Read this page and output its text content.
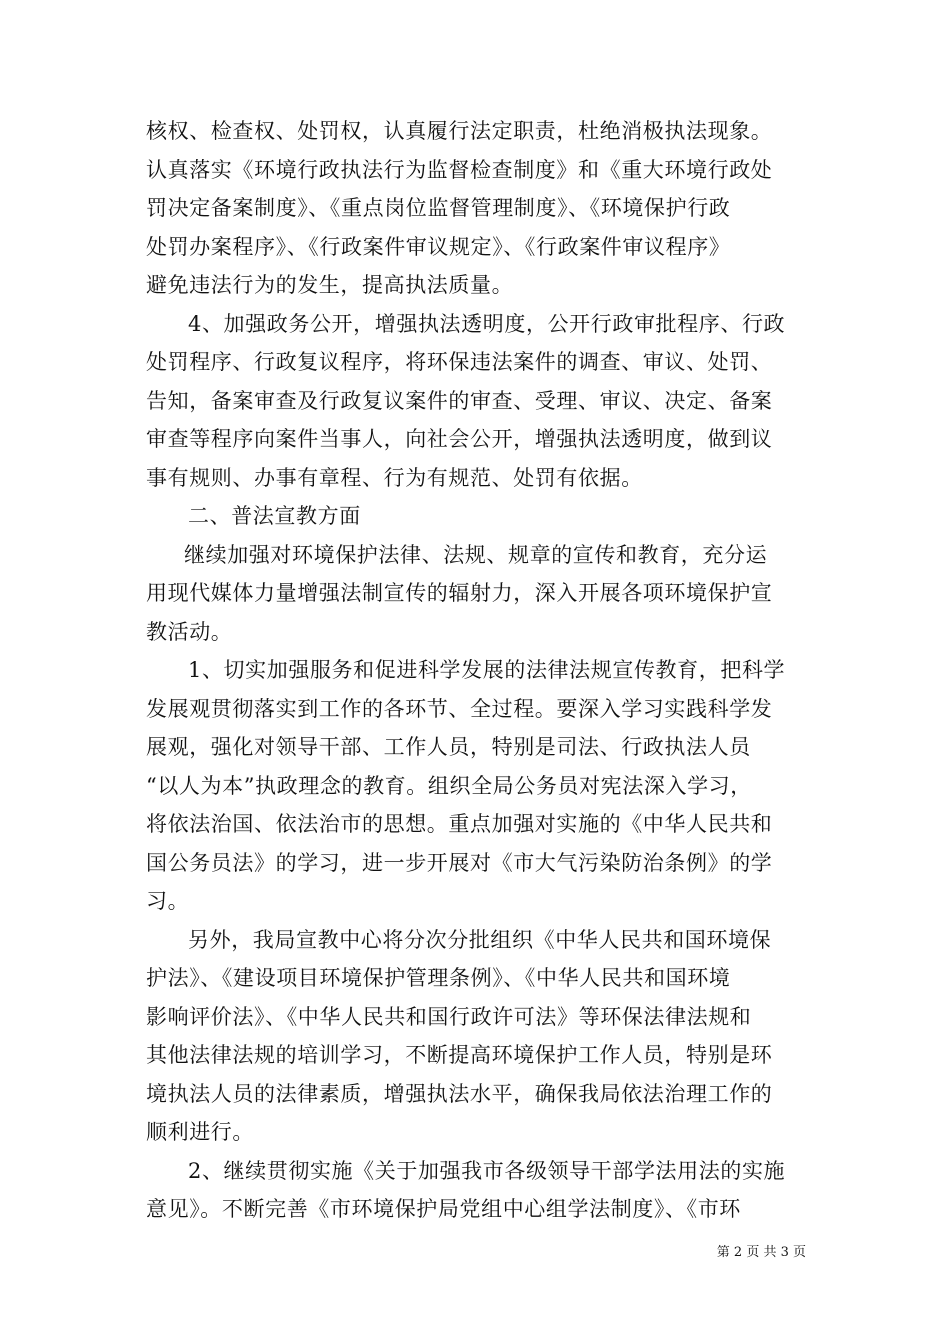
核权、检查权、处罚权，认真履行法定职责，杜绝消极执法现象。
认真落实《环境行政执法行为监督检查制度》和《重大环境行政处
罚决定备案制度》、《重点岗位监督管理制度》、《环境保护行政
处罚办案程序》、《行政案件审议规定》、《行政案件审议程序》
避免违法行为的发生，提高执法质量。
4、加强政务公开，增强执法透明度，公开行政审批程序、行政
处罚程序、行政复议程序，将环保违法案件的调查、审议、处罚、
告知，备案审查及行政复议案件的审查、受理、审议、决定、备案
审查等程序向案件当事人，向社会公开，增强执法透明度，做到议
事有规则、办事有章程、行为有规范、处罚有依据。
二、普法宣教方面
继续加强对环境保护法律、法规、规章的宣传和教育，充分运
用现代媒体力量增强法制宣传的辐射力，深入开展各项环境保护宣
教活动。
1、切实加强服务和促进科学发展的法律法规宣传教育，把科学
发展观贯彻落实到工作的各环节、全过程。要深入学习实践科学发
展观，强化对领导干部、工作人员，特别是司法、行政执法人员
“以人为本”执政理念的教育。组织全局公务员对宪法深入学习，
将依法治国、依法治市的思想。重点加强对实施的《中华人民共和
国公务员法》的学习，进一步开展对《市大气污染防治条例》的学
习。
另外，我局宣教中心将分次分批组织《中华人民共和国环境保
护法》、《建设项目环境保护管理条例》、《中华人民共和国环境
影响评价法》、《中华人民共和国行政许可法》等环保法律法规和
其他法律法规的培训学习，不断提高环境保护工作人员，特别是环
境执法人员的法律素质，增强执法水平，确保我局依法治理工作的
顺利进行。
2、继续贯彻实施《关于加强我市各级领导干部学法用法的实施
意见》。不断完善《市环境保护局党组中心组学法制度》、《市环
第 2 页 共 3 页
